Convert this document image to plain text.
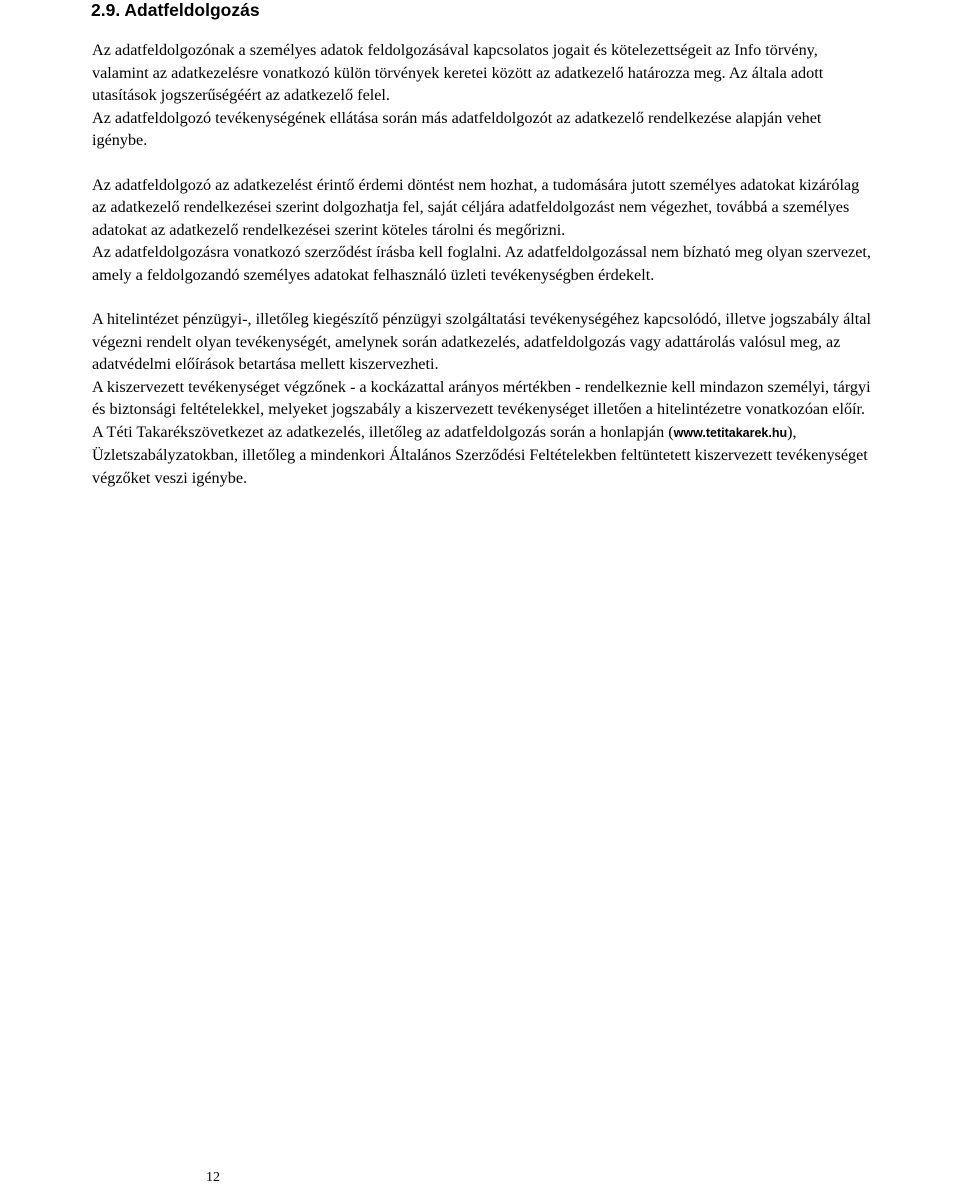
2.9. Adatfeldolgozás

Az adatfeldolgozónak a személyes adatok feldolgozásával kapcsolatos jogait és kötelezettségeit az Info törvény, valamint az adatkezelésre vonatkozó külön törvények keretei között az adatkezelő határozza meg. Az általa adott utasítások jogszerűségéért az adatkezelő felel.

Az adatfeldolgozó tevékenységének ellátása során más adatfeldolgozót az adatkezelő rendelkezése alapján vehet igénybe.

Az adatfeldolgozó az adatkezelést érintő érdemi döntést nem hozhat, a tudomására jutott személyes adatokat kizárólag az adatkezelő rendelkezései szerint dolgozhatja fel, saját céljára adatfeldolgozást nem végezhet, továbbá a személyes adatokat az adatkezelő rendelkezései szerint köteles tárolni és megőrizni.

Az adatfeldolgozásra vonatkozó szerződést írásba kell foglalni. Az adatfeldolgozással nem bízható meg olyan szervezet, amely a feldolgozandó személyes adatokat felhasználó üzleti tevékenységben érdekelt.

A hitelintézet pénzügyi-, illetőleg kiegészítő pénzügyi szolgáltatási tevékenységéhez kapcsolódó, illetve jogszabály által végezni rendelt olyan tevékenységét, amelynek során adatkezelés, adatfeldolgozás vagy adattárolás valósul meg, az adatvédelmi előírások betartása mellett kiszervezheti.

A kiszervezett tevékenységet végzőnek - a kockázattal arányos mértékben - rendelkeznie kell mindazon személyi, tárgyi és biztonsági feltételekkel, melyeket jogszabály a kiszervezett tevékenységet illetően a hitelintézetre vonatkozóan előír.

A Téti Takarékszövetkezet az adatkezelés, illetőleg az adatfeldolgozás során a honlapján (www.tetitakarek.hu), Üzletszabályzatokban, illetőleg a mindenkori Általános Szerződési Feltételekben feltüntetett kiszervezett tevékenységet végzőket veszi igénybe.

12
